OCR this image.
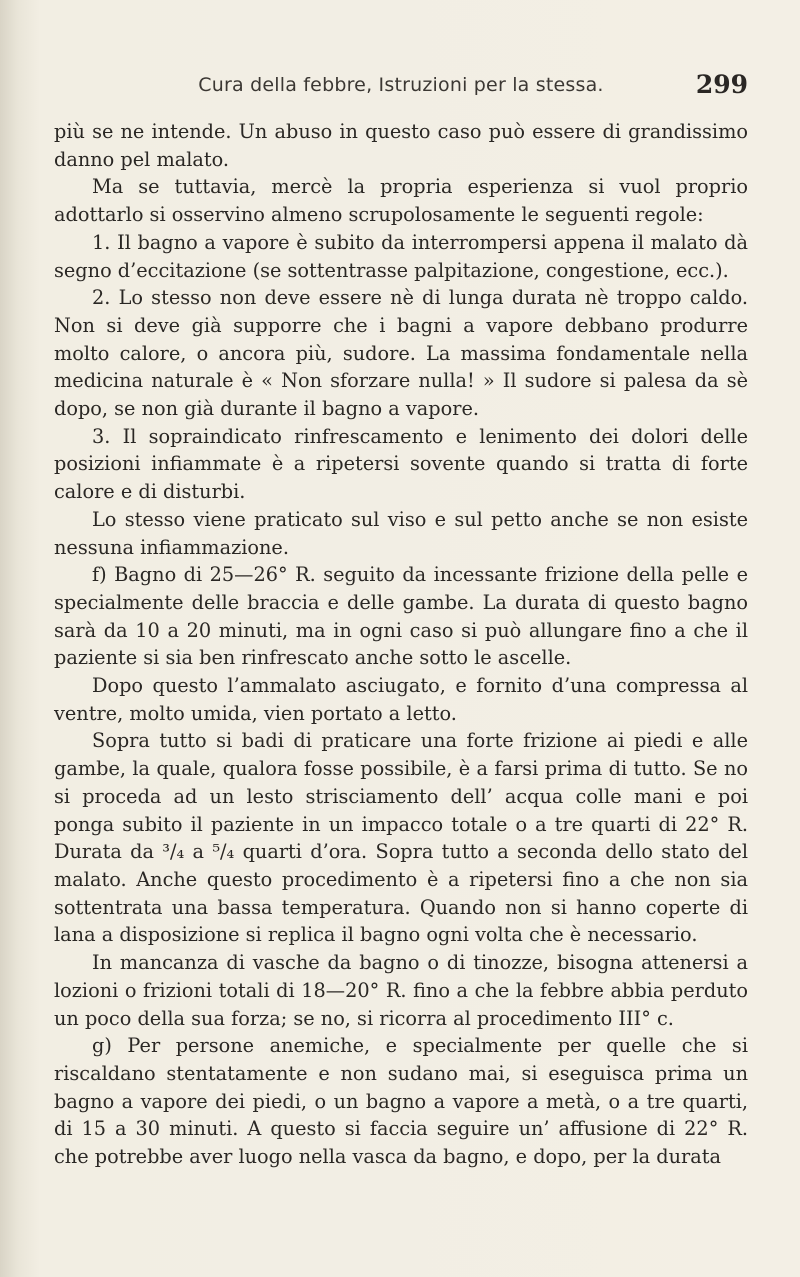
Cura della febbre, Istruzioni per la stessa.	299

più se ne intende. Un abuso in questo caso può essere di grandissimo danno pel malato.

Ma se tuttavia, mercè la propria esperienza si vuol proprio adottarlo si osservino almeno scrupolosamente le seguenti regole:

1. Il bagno a vapore è subito da interrompersi appena il malato dà segno d’eccitazione (se sottentrasse palpitazione, congestione, ecc.).

2. Lo stesso non deve essere nè di lunga durata nè troppo caldo. Non si deve già supporre che i bagni a vapore debbano produrre molto calore, o ancora più, sudore. La massima fondamentale nella medicina naturale è « Non sforzare nulla! » Il sudore si palesa da sè dopo, se non già durante il bagno a vapore.

3. Il sopraindicato rinfrescamento e lenimento dei dolori delle posizioni infiammate è a ripetersi sovente quando si tratta di forte calore e di disturbi.

Lo stesso viene praticato sul viso e sul petto anche se non esiste nessuna infiammazione.

f) Bagno di 25—26° R. seguito da incessante frizione della pelle e specialmente delle braccia e delle gambe. La durata di questo bagno sarà da 10 a 20 minuti, ma in ogni caso si può allungare fino a che il paziente si sia ben rinfrescato anche sotto le ascelle.

Dopo questo l’ammalato asciugato, e fornito d’una compressa al ventre, molto umida, vien portato a letto.

Sopra tutto si badi di praticare una forte frizione ai piedi e alle gambe, la quale, qualora fosse possibile, è a farsi prima di tutto. Se no si proceda ad un lesto strisciamento dell’ acqua colle mani e poi ponga subito il paziente in un impacco totale o a tre quarti di 22° R. Durata da ³/₄ a ⁵/₄ quarti d’ora. Sopra tutto a seconda dello stato del malato. Anche questo procedimento è a ripetersi fino a che non sia sottentrata una bassa temperatura. Quando non si hanno coperte di lana a disposizione si replica il bagno ogni volta che è necessario.

In mancanza di vasche da bagno o di tinozze, bisogna attenersi a lozioni o frizioni totali di 18—20° R. fino a che la febbre abbia perduto un poco della sua forza; se no, si ricorra al procedimento III° c.

g) Per persone anemiche, e specialmente per quelle che si riscaldano stentatamente e non sudano mai, si eseguisca prima un bagno a vapore dei piedi, o un bagno a vapore a metà, o a tre quarti, di 15 a 30 minuti. A questo si faccia seguire un’ affusione di 22° R. che potrebbe aver luogo nella vasca da bagno, e dopo, per la durata
